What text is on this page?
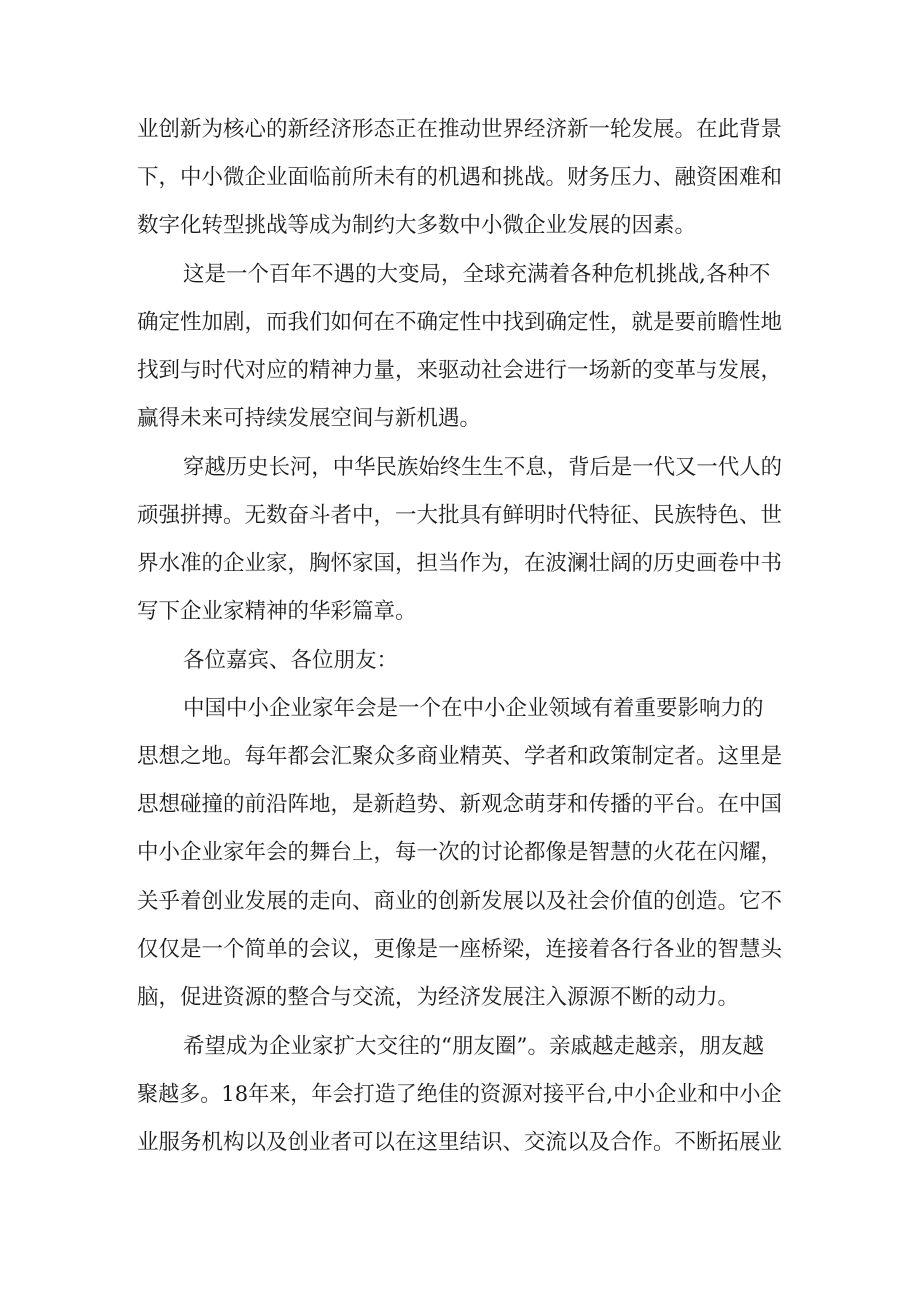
业创新为核心的新经济形态正在推动世界经济新一轮发展。在此背景
下，中小微企业面临前所未有的机遇和挑战。财务压力、融资困难和
数字化转型挑战等成为制约大多数中小微企业发展的因素。
这是一个百年不遇的大变局，全球充满着各种危机挑战,各种不
确定性加剧，而我们如何在不确定性中找到确定性，就是要前瞻性地
找到与时代对应的精神力量，来驱动社会进行一场新的变革与发展，
赢得未来可持续发展空间与新机遇。
穿越历史长河，中华民族始终生生不息，背后是一代又一代人的
顽强拼搏。无数奋斗者中，一大批具有鲜明时代特征、民族特色、世
界水准的企业家，胸怀家国，担当作为，在波澜壮阔的历史画卷中书
写下企业家精神的华彩篇章。
各位嘉宾、各位朋友：
中国中小企业家年会是一个在中小企业领域有着重要影响力的
思想之地。每年都会汇聚众多商业精英、学者和政策制定者。这里是
思想碰撞的前沿阵地，是新趋势、新观念萌芽和传播的平台。在中国
中小企业家年会的舞台上，每一次的讨论都像是智慧的火花在闪耀，
关乎着创业发展的走向、商业的创新发展以及社会价值的创造。它不
仅仅是一个简单的会议，更像是一座桥梁，连接着各行各业的智慧头
脑，促进资源的整合与交流，为经济发展注入源源不断的动力。
希望成为企业家扩大交往的“朋友圈”。亲戚越走越亲，朋友越
聚越多。18年来，年会打造了绝佳的资源对接平台,中小企业和中小企
业服务机构以及创业者可以在这里结识、交流以及合作。不断拓展业
